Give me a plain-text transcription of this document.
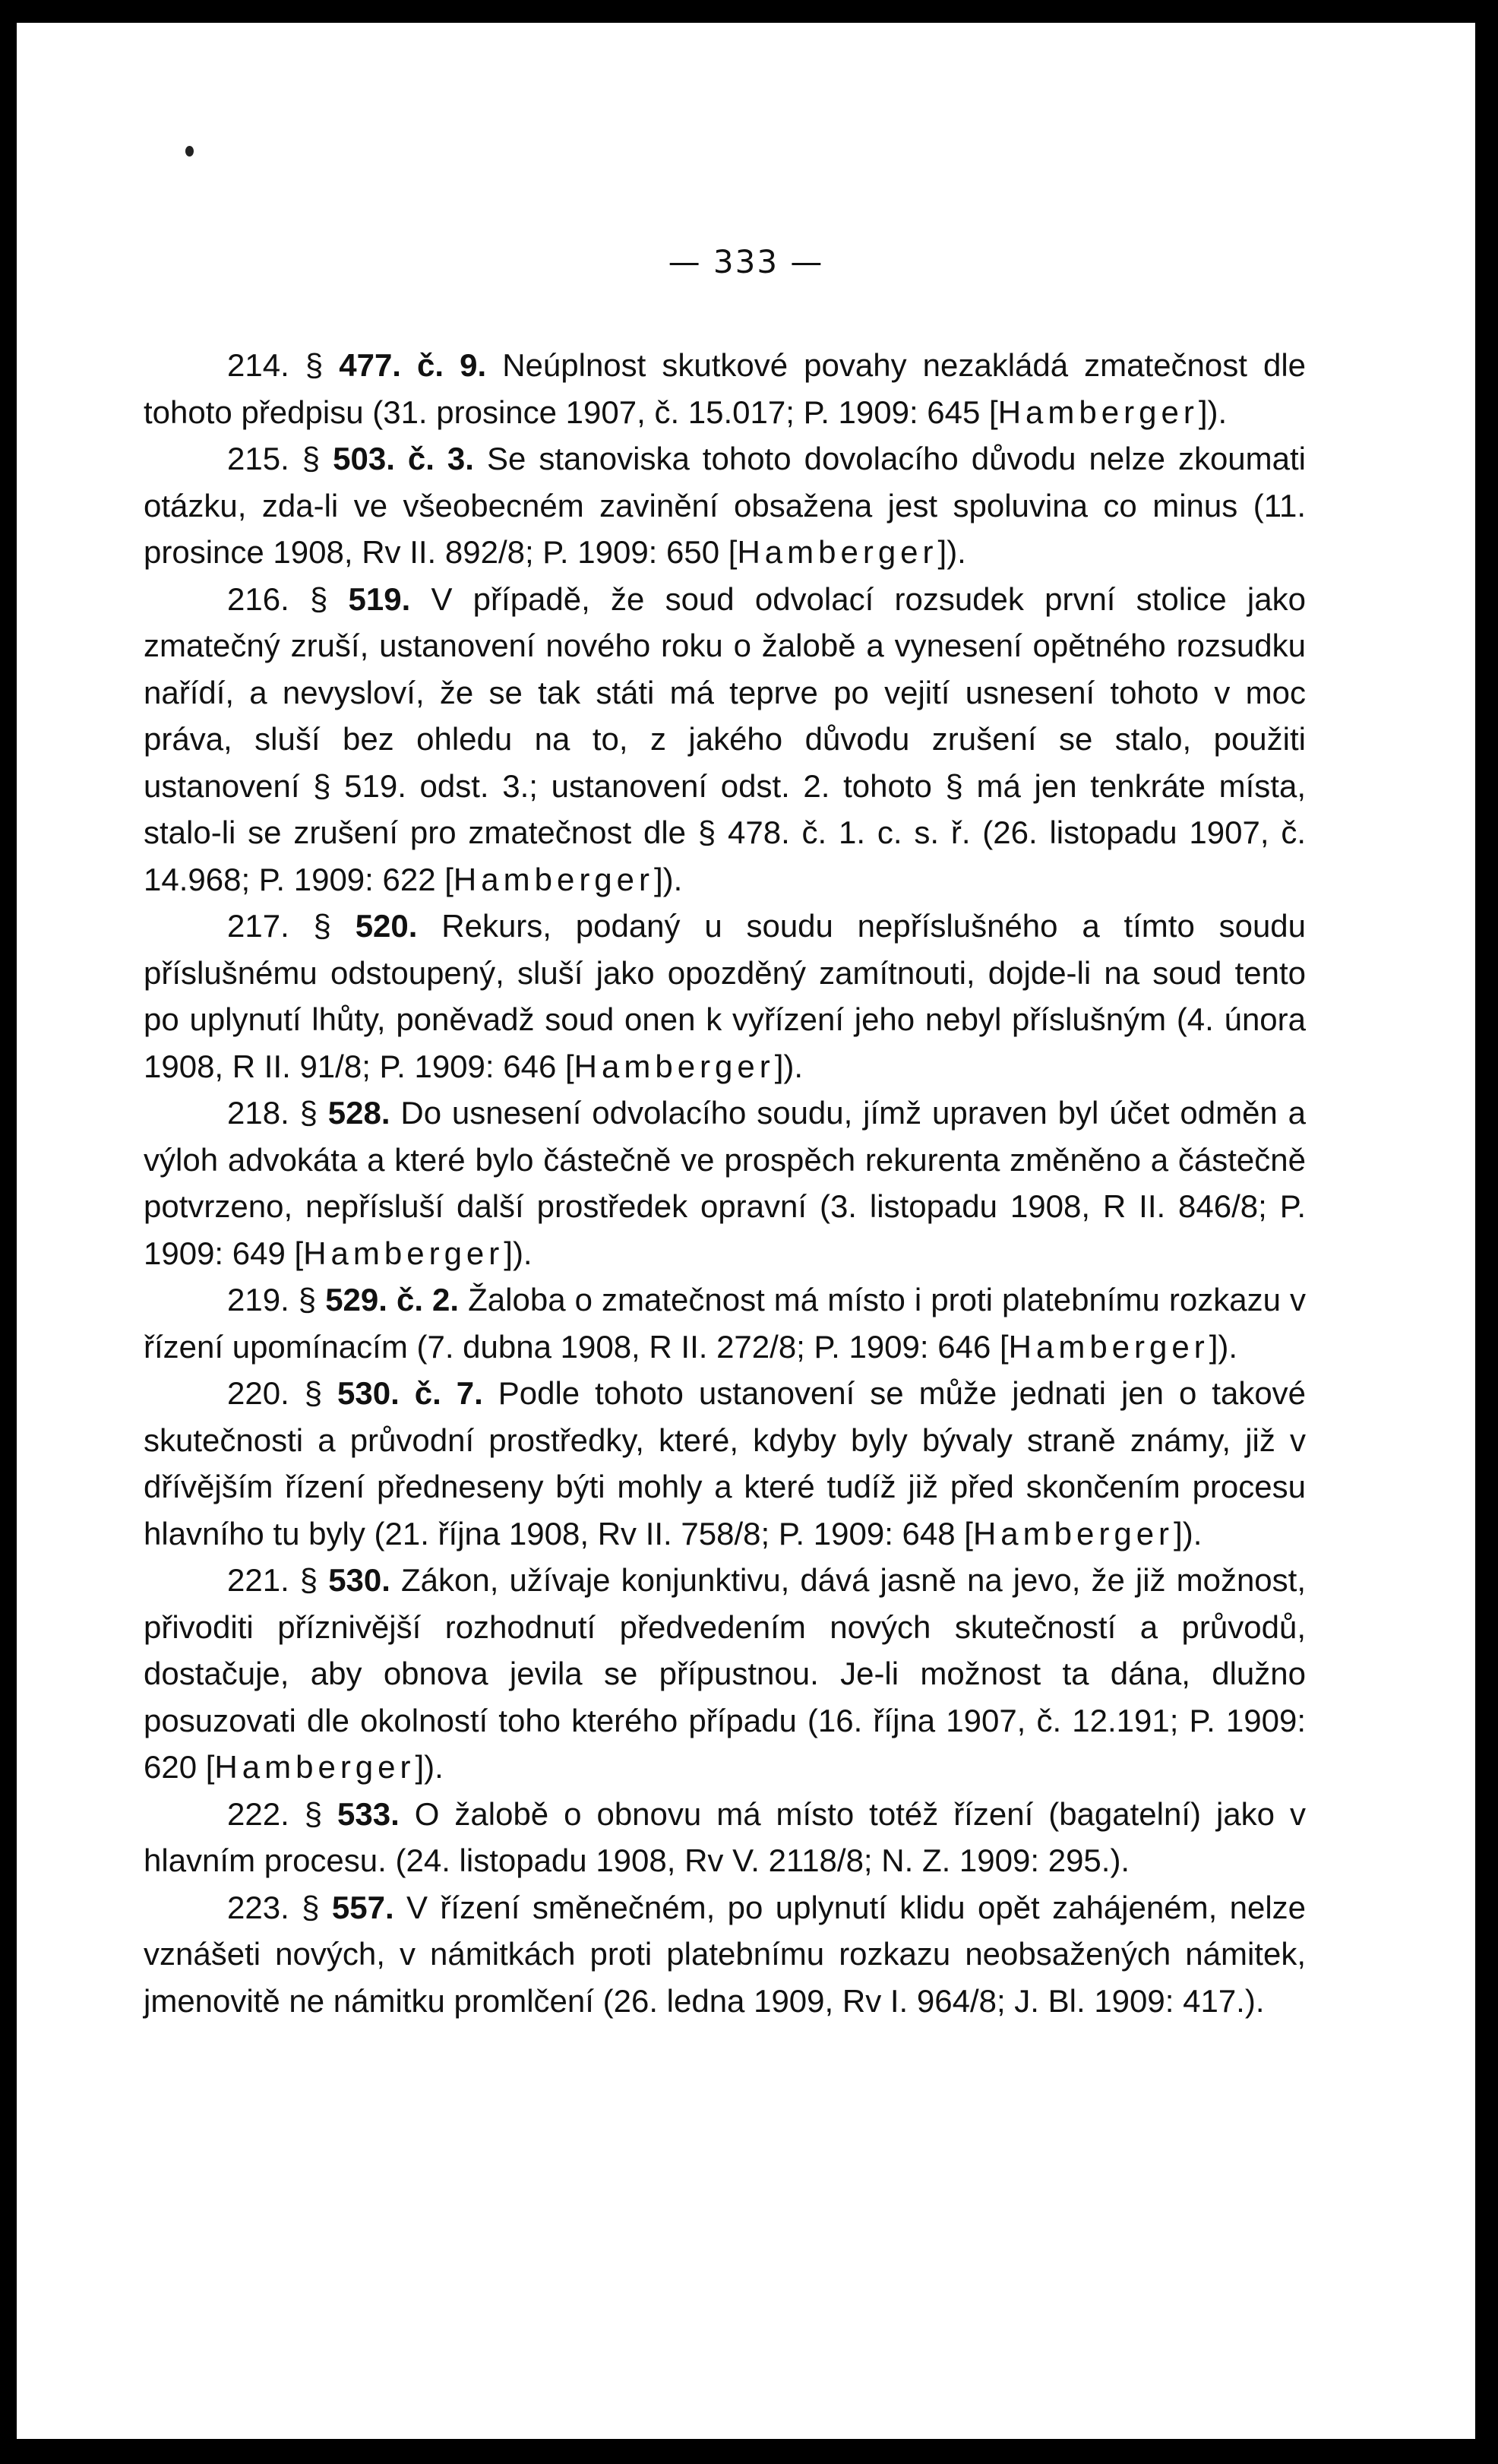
— 333 —

214. § 477. č. 9. Neúplnost skutkové povahy nezakládá zmatečnost dle tohoto předpisu (31. prosince 1907, č. 15.017; P. 1909: 645 [Hamberger]).

215. § 503. č. 3. Se stanoviska tohoto dovolacího důvodu nelze zkoumati otázku, zda-li ve všeobecném zavinění obsažena jest spoluvina co minus (11. prosince 1908, Rv II. 892/8; P. 1909: 650 [Hamberger]).

216. § 519. V případě, že soud odvolací rozsudek první stolice jako zmatečný zruší, ustanovení nového roku o žalobě a vynesení opětného rozsudku nařídí, a nevysloví, že se tak státi má teprve po vejití usnesení tohoto v moc práva, sluší bez ohledu na to, z jakého důvodu zrušení se stalo, použiti ustanovení § 519. odst. 3.; ustanovení odst. 2. tohoto § má jen tenkráte místa, stalo-li se zrušení pro zmatečnost dle § 478. č. 1. c. s. ř. (26. listopadu 1907, č. 14.968; P. 1909: 622 [Hamberger]).

217. § 520. Rekurs, podaný u soudu nepříslušného a tímto soudu příslušnému odstoupený, sluší jako opozděný zamítnouti, dojde-li na soud tento po uplynutí lhůty, poněvadž soud onen k vyřízení jeho nebyl příslušným (4. února 1908, R II. 91/8; P. 1909: 646 [Hamberger]).

218. § 528. Do usnesení odvolacího soudu, jímž upraven byl účet odměn a výloh advokáta a které bylo částečně ve prospěch rekurenta změněno a částečně potvrzeno, nepřísluší další prostředek opravní (3. listopadu 1908, R II. 846/8; P. 1909: 649 [Hamberger]).

219. § 529. č. 2. Žaloba o zmatečnost má místo i proti platebnímu rozkazu v řízení upomínacím (7. dubna 1908, R II. 272/8; P. 1909: 646 [Hamberger]).

220. § 530. č. 7. Podle tohoto ustanovení se může jednati jen o takové skutečnosti a průvodní prostředky, které, kdyby byly bývaly straně známy, již v dřívějším řízení předneseny býti mohly a které tudíž již před skončením procesu hlavního tu byly (21. října 1908, Rv II. 758/8; P. 1909: 648 [Hamberger]).

221. § 530. Zákon, užívaje konjunktivu, dává jasně na jevo, že již možnost, přivoditi příznivější rozhodnutí předvedením nových skutečností a průvodů, dostačuje, aby obnova jevila se přípustnou. Je-li možnost ta dána, dlužno posuzovati dle okolností toho kterého případu (16. října 1907, č. 12.191; P. 1909: 620 [Hamberger]).

222. § 533. O žalobě o obnovu má místo totéž řízení (bagatelní) jako v hlavním procesu. (24. listopadu 1908, Rv V. 2118/8; N. Z. 1909: 295.).

223. § 557. V řízení směnečném, po uplynutí klidu opět zahájeném, nelze vznášeti nových, v námitkách proti platebnímu rozkazu neobsažených námitek, jmenovitě ne námitku promlčení (26. ledna 1909, Rv I. 964/8; J. Bl. 1909: 417.).
